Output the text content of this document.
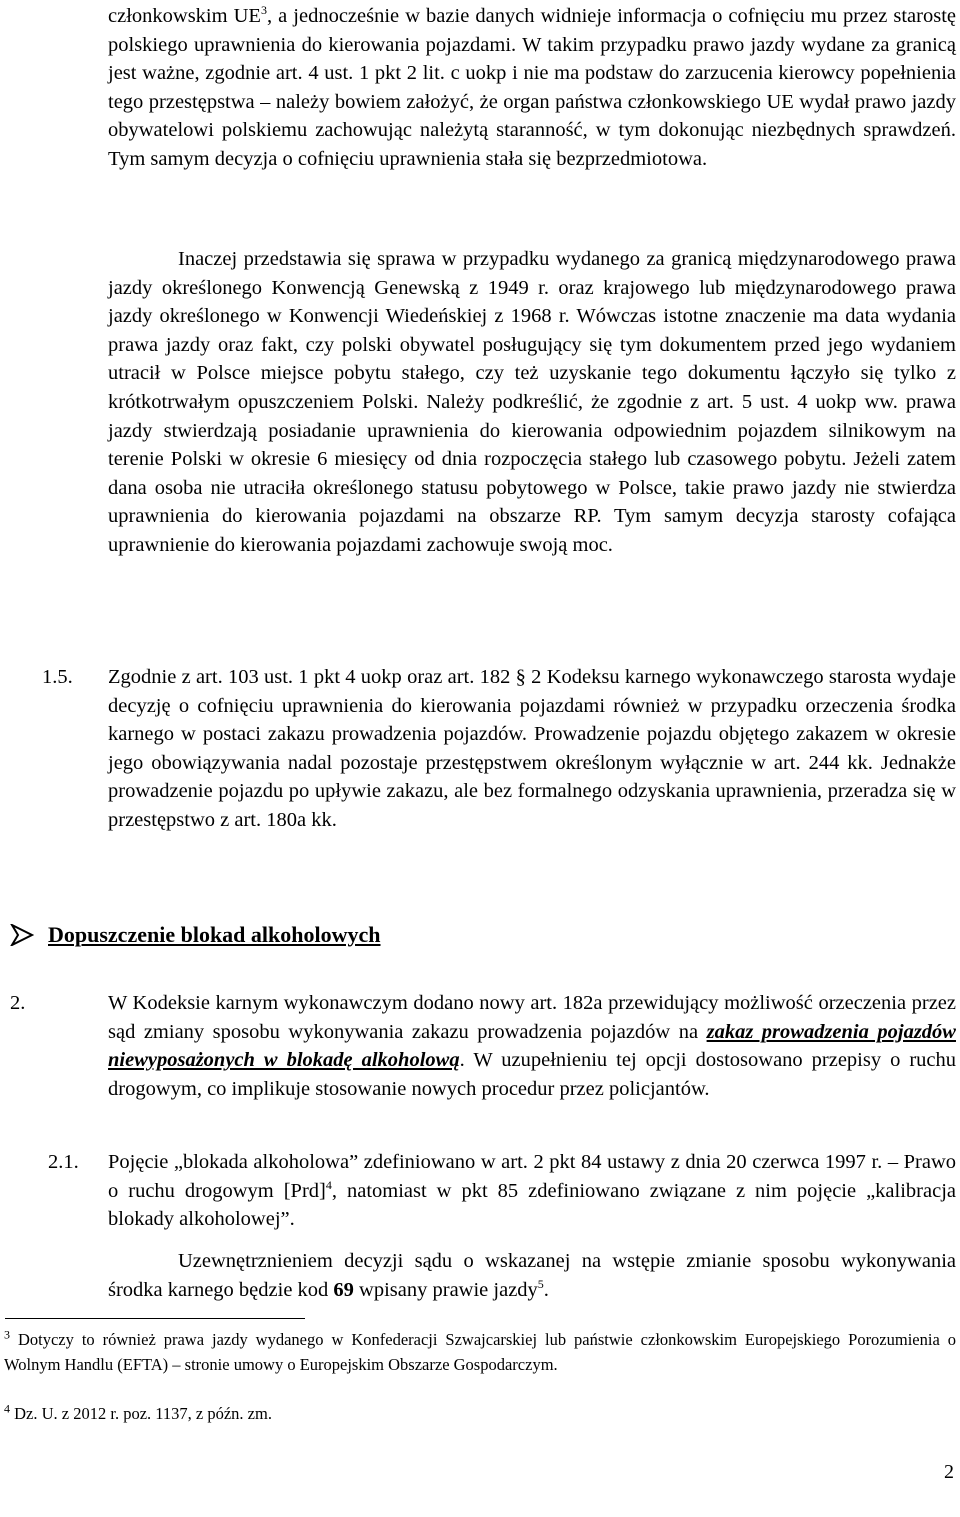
członkowskim $UE^3$, a jednocześnie w bazie danych widnieje informacja o cofnięciu mu przez starostę polskiego uprawnienia do kierowania pojazdami. W takim przypadku prawo jazdy wydane za granicą jest ważne, zgodnie art. 4 ust. 1 pkt 2 lit. c uokp i nie ma podstaw do zarzucenia kierowcy popełnienia tego przestępstwa – należy bowiem założyć, że organ państwa członkowskiego UE wydał prawo jazdy obywatelowi polskiemu zachowując należytą staranność, w tym dokonując niezbędnych sprawdzeń. Tym samym decyzja o cofnięciu uprawnienia stała się bezprzedmiotowa.

Inaczej przedstawia się sprawa w przypadku wydanego za granicą międzynarodowego prawa jazdy określonego Konwencją Genewską z 1949 r. oraz krajowego lub międzynarodowego prawa jazdy określonego w Konwencji Wiedeńskiej z 1968 r. Wówczas istotne znaczenie ma data wydania prawa jazdy oraz fakt, czy polski obywatel posługujący się tym dokumentem przed jego wydaniem utracił w Polsce miejsce pobytu stałego, czy też uzyskanie tego dokumentu łączyło się tylko z krótkotrwałym opuszczeniem Polski. Należy podkreślić, że zgodnie z art. 5 ust. 4 uokp ww. prawa jazdy stwierdzają posiadanie uprawnienia do kierowania odpowiednim pojazdem silnikowym na terenie Polski w okresie 6 miesięcy od dnia rozpoczęcia stałego lub czasowego pobytu. Jeżeli zatem dana osoba nie utraciła określonego statusu pobytowego w Polsce, takie prawo jazdy nie stwierdza uprawnienia do kierowania pojazdami na obszarze RP. Tym samym decyzja starosty cofająca uprawnienie do kierowania pojazdami zachowuje swoją moc.

1.5. Zgodnie z art. 103 ust. 1 pkt 4 uokp oraz art. 182 § 2 Kodeksu karnego wykonawczego starosta wydaje decyzję o cofnięciu uprawnienia do kierowania pojazdami również w przypadku orzeczenia środka karnego w postaci zakazu prowadzenia pojazdów. Prowadzenie pojazdu objętego zakazem w okresie jego obowiązywania nadal pozostaje przestępstwem określonym wyłącznie w art. 244 kk. Jednakże prowadzenie pojazdu po upływie zakazu, ale bez formalnego odzyskania uprawnienia, przeradza się w przestępstwo z art. 180a kk.

Dopuszczenie blokad alkoholowych
2.	W Kodeksie karnym wykonawczym dodano nowy art. 182a przewidujący możliwość orzeczenia przez sąd zmiany sposobu wykonywania zakazu prowadzenia pojazdów na zakaz prowadzenia pojazdów niewyposażonych w blokadę alkoholową. W uzupełnieniu tej opcji dostosowano przepisy o ruchu drogowym, co implikuje stosowanie nowych procedur przez policjantów.

2.1. Pojęcie „blokada alkoholowa” zdefiniowano w art. 2 pkt 84 ustawy z dnia 20 czerwca 1997 r. – Prawo o ruchu drogowym [Prd]$^4$, natomiast w pkt 85 zdefiniowano związane z nim pojęcie „kalibracja blokady alkoholowej”.

Uzewnętrznieniem decyzji sądu o wskazanej na wstępie zmianie sposobu wykonywania środka karnego będzie kod 69 wpisany prawie jazdy$^5$.

$^3$ Dotyczy to również prawa jazdy wydanego w Konfederacji Szwajcarskiej lub państwie członkowskim Europejskiego Porozumienia o Wolnym Handlu (EFTA) – stronie umowy o Europejskim Obszarze Gospodarczym.

$^4$ Dz. U. z 2012 r. poz. 1137, z późn. zm.

2
